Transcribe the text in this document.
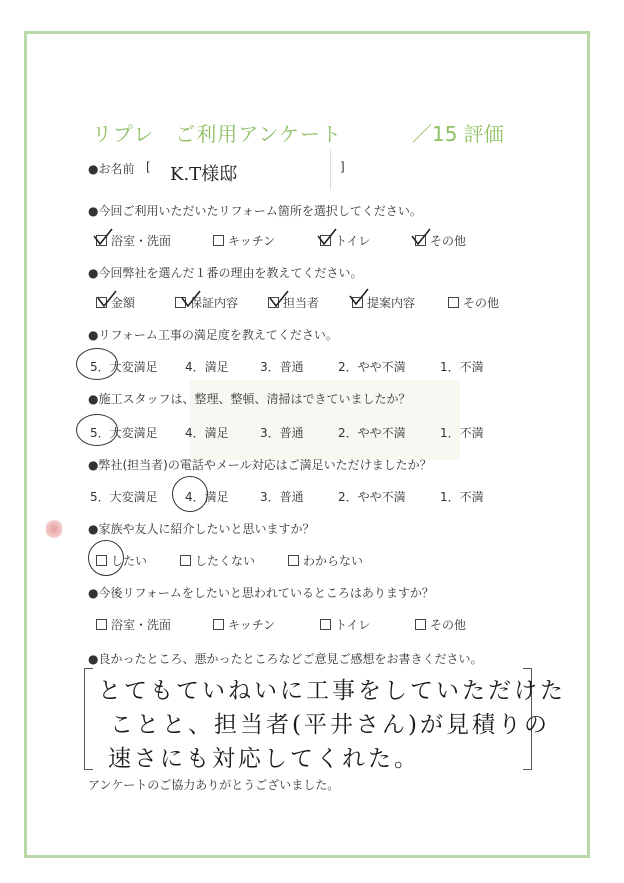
リプレ　ご利用アンケート	／15 評価
●お名前 [	]
K.T様邸
●今回ご利用いただいたリフォーム箇所を選択してください。
浴室・洗面	キッチン	トイレ	その他
●今回弊社を選んだ１番の理由を教えてください。
金額	保証内容	担当者	提案内容	その他
●リフォーム工事の満足度を教えてください。
5．大変満足 4．満足	3．普通	2．やや不満	1．不満
●施工スタッフは、整理、整頓、清掃はできていましたか？
5．大変満足 4．満足	3．普通	2．やや不満	1．不満
●弊社(担当者)の電話やメール対応はご満足いただけましたか？
5．大変満足 4．満足	3．普通	2．やや不満	1．不満
●家族や友人に紹介したいと思いますか？
したい	したくない	わからない
●今後リフォームをしたいと思われているところはありますか？
浴室・洗面	キッチン	トイレ	その他
●良かったところ、悪かったところなどご意見ご感想をお書きください。
とてもていねいに工事をしていただけた
ことと、担当者(平井さん)が見積りの
速さにも対応してくれた。
アンケートのご協力ありがとうございました。
